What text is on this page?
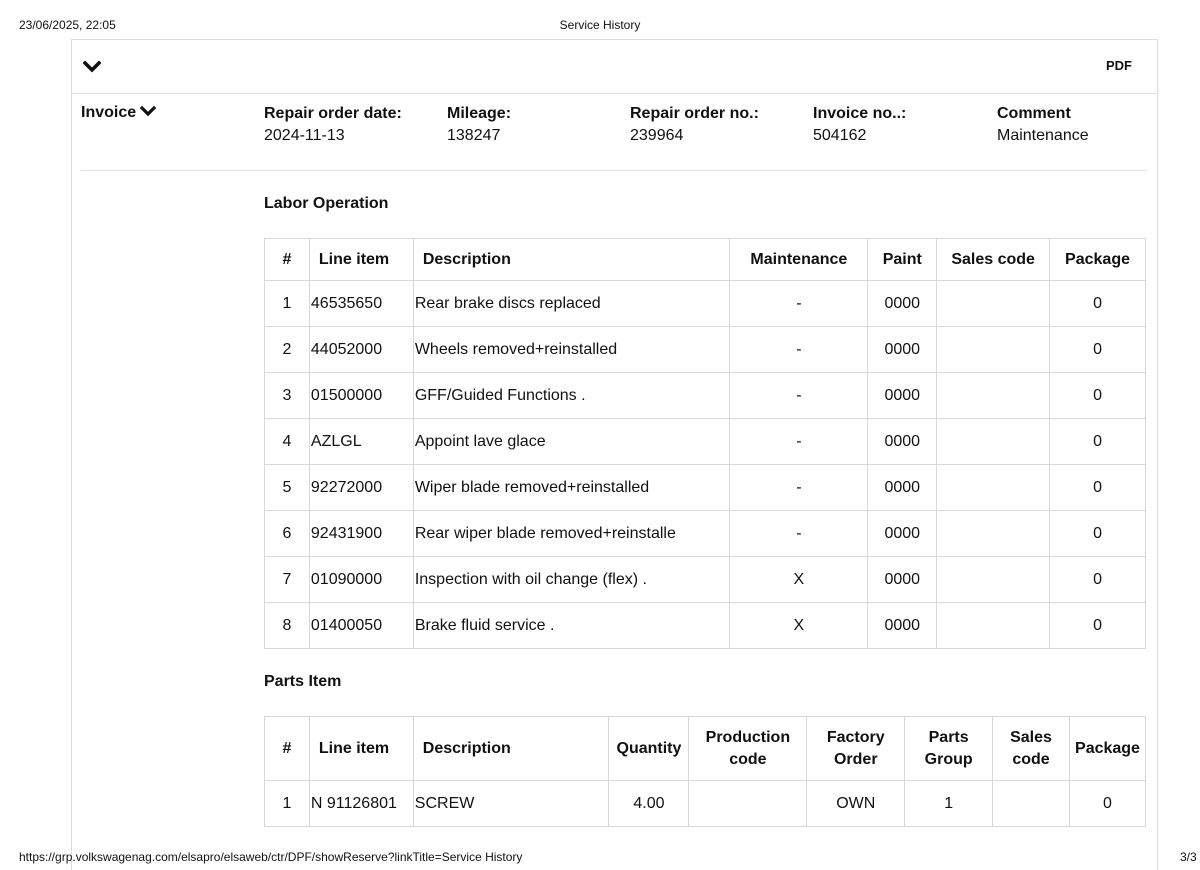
23/06/2025, 22:05	Service History
PDF
Invoice	Repair order date:
2024-11-13
Mileage:
138247
Repair order no.:
239964
Invoice no..:
504162
Comment
Maintenance
Labor Operation
#	Line item	Description	Maintenance	Paint	Sales code	Package
1	46535650	Rear brake discs replaced	-	0000		0
2	44052000	Wheels removed+reinstalled	-	0000		0
3	01500000	GFF/Guided Functions .	-	0000		0
4	AZLGL	Appoint lave glace	-	0000		0
5	92272000	Wiper blade removed+reinstalled	-	0000		0
6	92431900	Rear wiper blade removed+reinstalle	-	0000		0
7	01090000	Inspection with oil change (flex) .	X	0000		0
8	01400050	Brake fluid service .	X	0000		0
Parts Item
#	Line item	Description	Quantity	Production code	Factory Order	Parts Group	Sales code	Package
1	N 91126801	SCREW	4.00		OWN	1		0
https://grp.volkswagenag.com/elsapro/elsaweb/ctr/DPF/showReserve?linkTitle=Service History	3/3
